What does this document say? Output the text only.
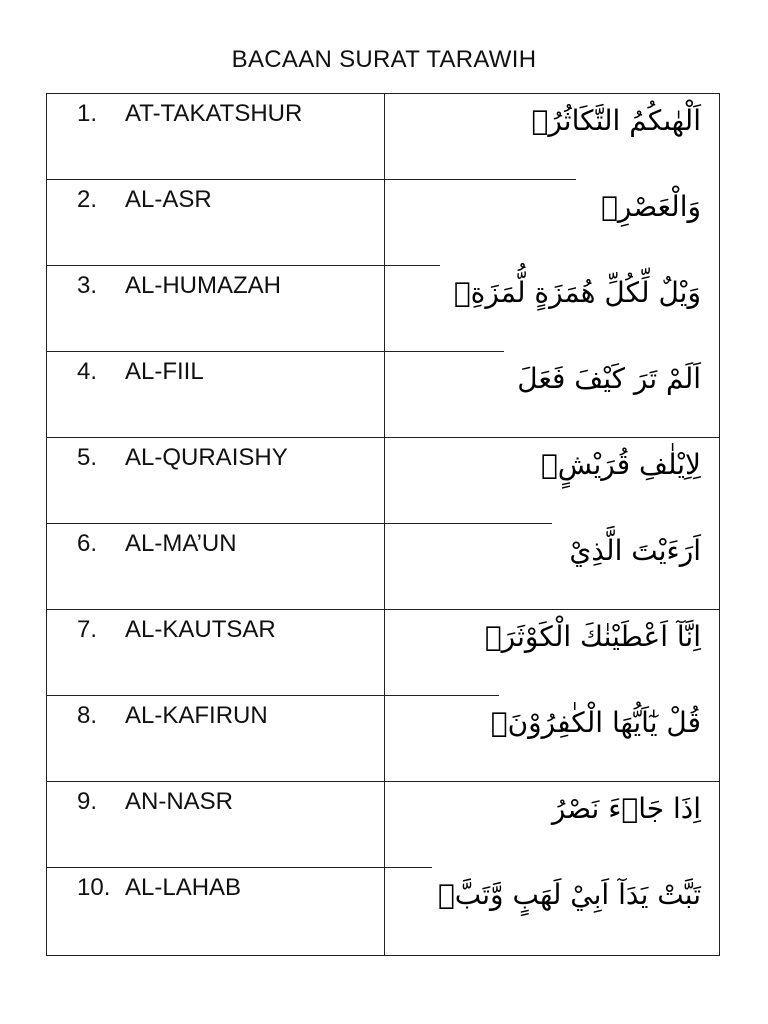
BACAAN SURAT TARAWIH
1.	AT-TAKATSHUR	اَلْهٰىكُمُ التَّكَاثُرُۙ
2.	AL-ASR	وَالْعَصْرِۙ
3.	AL-HUMAZAH	وَيْلٌ لِّكُلِّ هُمَزَةٍ لُّمَزَةِۙ
4.	AL-FIIL	اَلَمْ تَرَ كَيْفَ فَعَلَ
5.	AL-QURAISHY	لِاِيْلٰفِ قُرَيْشٍۙ
6.	AL-MA’UN	اَرَءَيْتَ الَّذِيْ
7.	AL-KAUTSAR	اِنَّآ اَعْطَيْنٰكَ الْكَوْثَرَۗ
8.	AL-KAFIRUN	قُلْ يٰٓاَيُّهَا الْكٰفِرُوْنَۙ
9.	AN-NASR	اِذَا جَاۤءَ نَصْرُ
10. AL-LAHAB	تَبَّتْ يَدَآ اَبِيْ لَهَبٍ وَّتَبَّۗ
